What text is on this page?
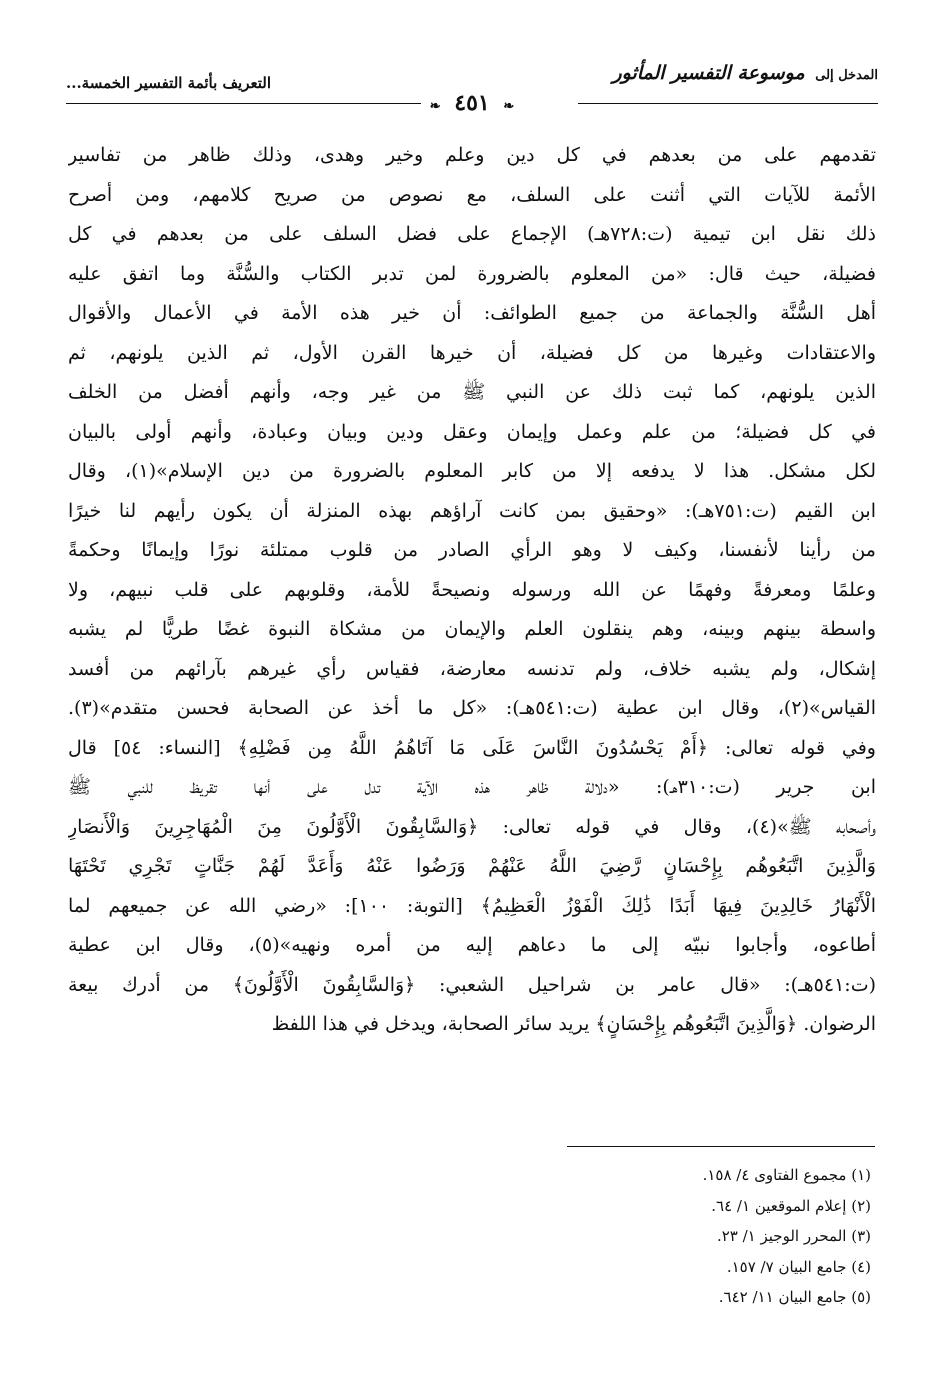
المدخل إلى موسوعة التفسير المأثور
التعريف بأئمة التفسير الخمسة...
❧ ٤٥١ ❧
تقدمهم على من بعدهم في كل دين وعلم وخير وهدى، وذلك ظاهر من تفاسير
الأئمة للآيات التي أثنت على السلف، مع نصوص من صريح كلامهم، ومن أصرح
ذلك نقل ابن تيمية (ت:٧٢٨هـ) الإجماع على فضل السلف على من بعدهم في كل
فضيلة، حيث قال: «من المعلوم بالضرورة لمن تدبر الكتاب والسُّنَّة وما اتفق عليه
أهل السُّنَّة والجماعة من جميع الطوائف: أن خير هذه الأمة في الأعمال والأقوال
والاعتقادات وغيرها من كل فضيلة، أن خيرها القرن الأول، ثم الذين يلونهم، ثم
الذين يلونهم، كما ثبت ذلك عن النبي ﷺ من غير وجه، وأنهم أفضل من الخلف
في كل فضيلة؛ من علم وعمل وإيمان وعقل ودين وبيان وعبادة، وأنهم أولى بالبيان
لكل مشكل. هذا لا يدفعه إلا من كابر المعلوم بالضرورة من دين الإسلام»(١)، وقال
ابن القيم (ت:٧٥١هـ): «وحقيق بمن كانت آراؤهم بهذه المنزلة أن يكون رأيهم لنا خيرًا
من رأينا لأنفسنا، وكيف لا وهو الرأي الصادر من قلوب ممتلئة نورًا وإيمانًا وحكمةً
وعلمًا ومعرفةً وفهمًا عن الله ورسوله ونصيحةً للأمة، وقلوبهم على قلب نبيهم، ولا
واسطة بينهم وبينه، وهم ينقلون العلم والإيمان من مشكاة النبوة غضًا طريًّا لم يشبه
إشكال، ولم يشبه خلاف، ولم تدنسه معارضة، فقياس رأي غيرهم بآرائهم من أفسد
القياس»(٢)، وقال ابن عطية (ت:٥٤١هـ): «كل ما أخذ عن الصحابة فحسن متقدم»(٣).
وفي قوله تعالى: ﴿أَمْ يَحْسُدُونَ النَّاسَ عَلَى مَا آتَاهُمُ اللَّهُ مِن فَضْلِهِ﴾ [النساء: ٥٤] قال
ابن جرير (ت:٣١٠هـ): «دلالة ظاهر هذه الآية تدل على أنها تقريظ للنبي ﷺ
وأصحابه ﷺ»(٤)، وقال في قوله تعالى: ﴿وَالسَّابِقُونَ الْأَوَّلُونَ مِنَ الْمُهَاجِرِينَ وَالْأَنصَارِ
وَالَّذِينَ اتَّبَعُوهُم بِإِحْسَانٍ رَّضِيَ اللَّهُ عَنْهُمْ وَرَضُوا عَنْهُ وَأَعَدَّ لَهُمْ جَنَّاتٍ تَجْرِي تَحْتَهَا
الْأَنْهَارُ خَالِدِينَ فِيهَا أَبَدًا ذَٰلِكَ الْفَوْزُ الْعَظِيمُ﴾ [التوبة: ١٠٠]: «رضي الله عن جميعهم لما
أطاعوه، وأجابوا نبيّه إلى ما دعاهم إليه من أمره ونهيه»(٥)، وقال ابن عطية
(ت:٥٤١هـ): «قال عامر بن شراحيل الشعبي: ﴿وَالسَّابِقُونَ الْأَوَّلُونَ﴾ من أدرك بيعة
الرضوان. ﴿وَالَّذِينَ اتَّبَعُوهُم بِإِحْسَانٍ﴾ يريد سائر الصحابة، ويدخل في هذا اللفظ
(١) مجموع الفتاوى ٤/ ١٥٨.
(٢) إعلام الموقعين ١/ ٦٤.
(٣) المحرر الوجيز ١/ ٢٣.
(٤) جامع البيان ٧/ ١٥٧.
(٥) جامع البيان ١١/ ٦٤٢.
